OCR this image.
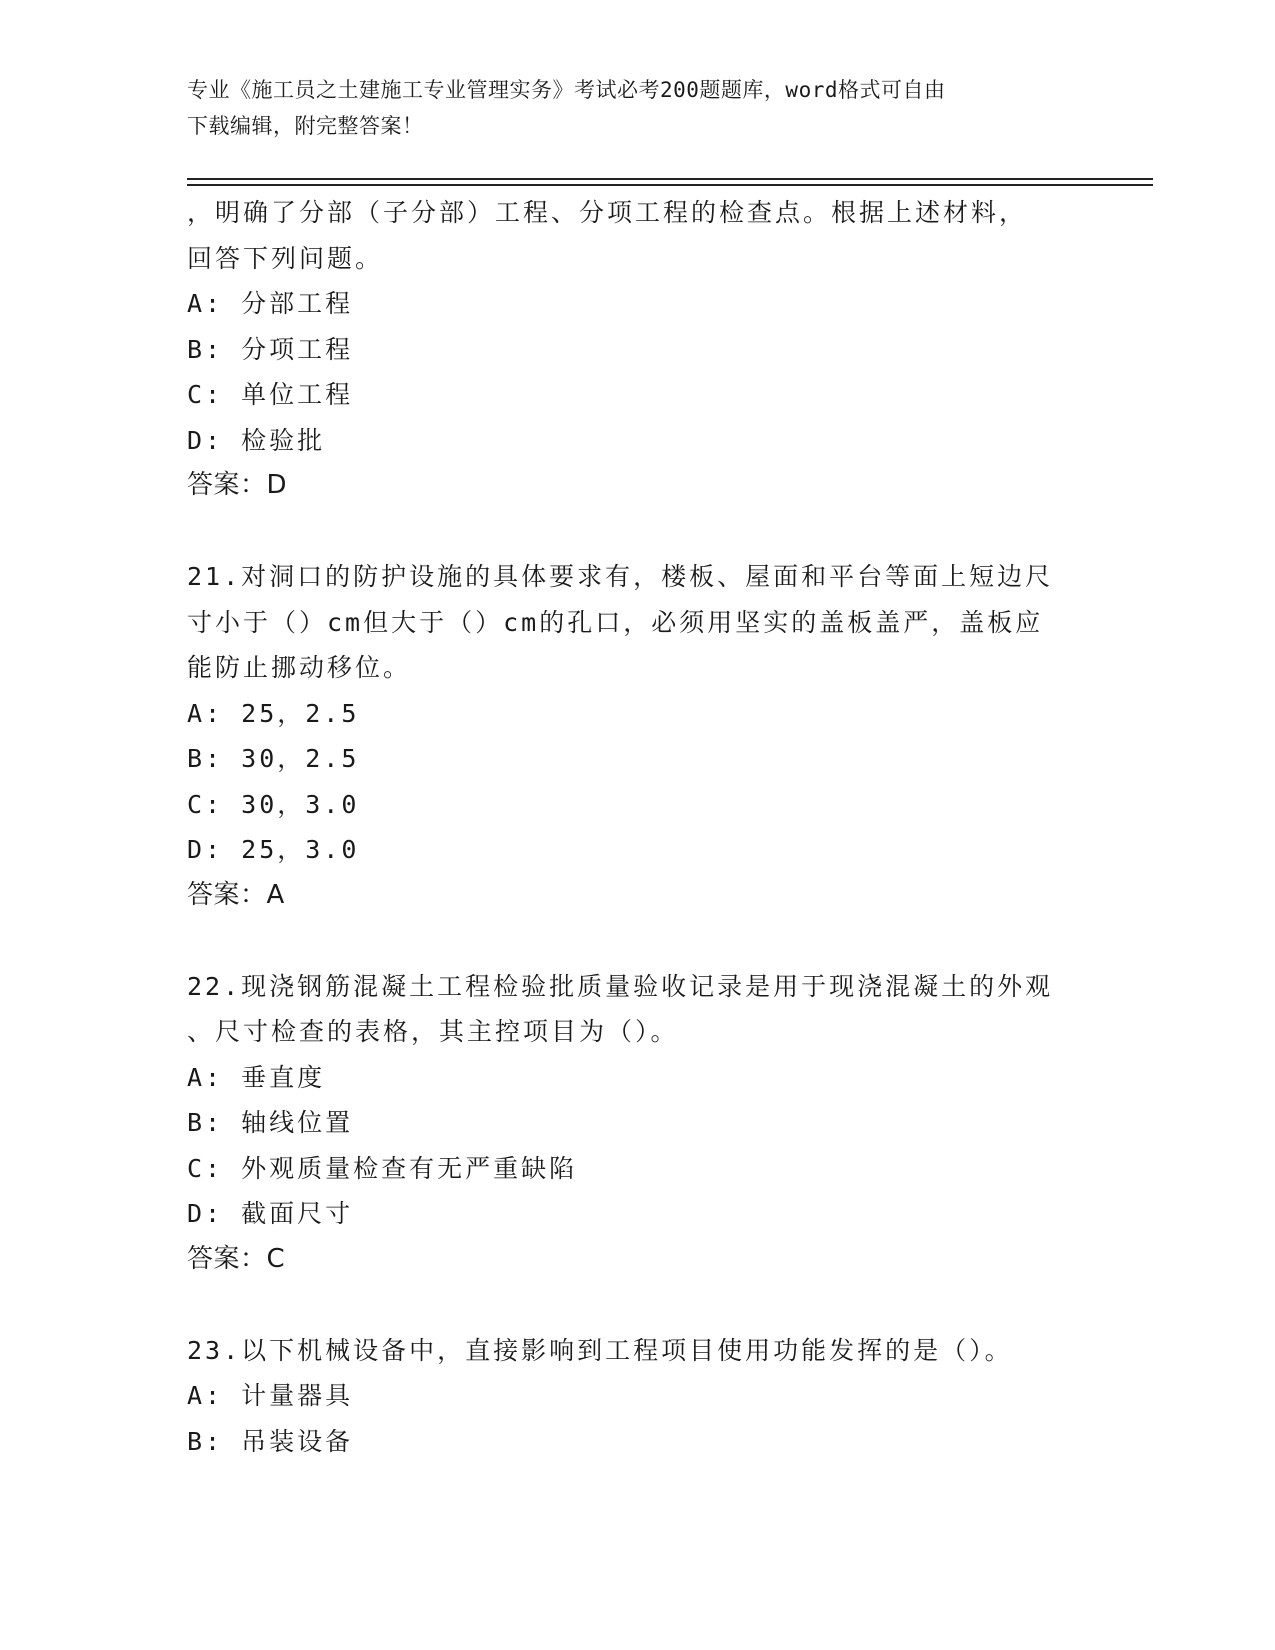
专业《施工员之土建施工专业管理实务》考试必考200题题库，word格式可自由
下载编辑，附完整答案！
，明确了分部（子分部）工程、分项工程的检查点。根据上述材料，
回答下列问题。
A: 分部工程
B: 分项工程
C: 单位工程
D: 检验批
答案：D
21.对洞口的防护设施的具体要求有，楼板、屋面和平台等面上短边尺
寸小于（）cm但大于（）cm的孔口，必须用坚实的盖板盖严，盖板应
能防止挪动移位。
A: 25，2.5
B: 30，2.5
C: 30，3.0
D: 25，3.0
答案：A
22.现浇钢筋混凝土工程检验批质量验收记录是用于现浇混凝土的外观
、尺寸检查的表格，其主控项目为（）。
A: 垂直度
B: 轴线位置
C: 外观质量检查有无严重缺陷
D: 截面尺寸
答案：C
23.以下机械设备中，直接影响到工程项目使用功能发挥的是（）。
A: 计量器具
B: 吊装设备
